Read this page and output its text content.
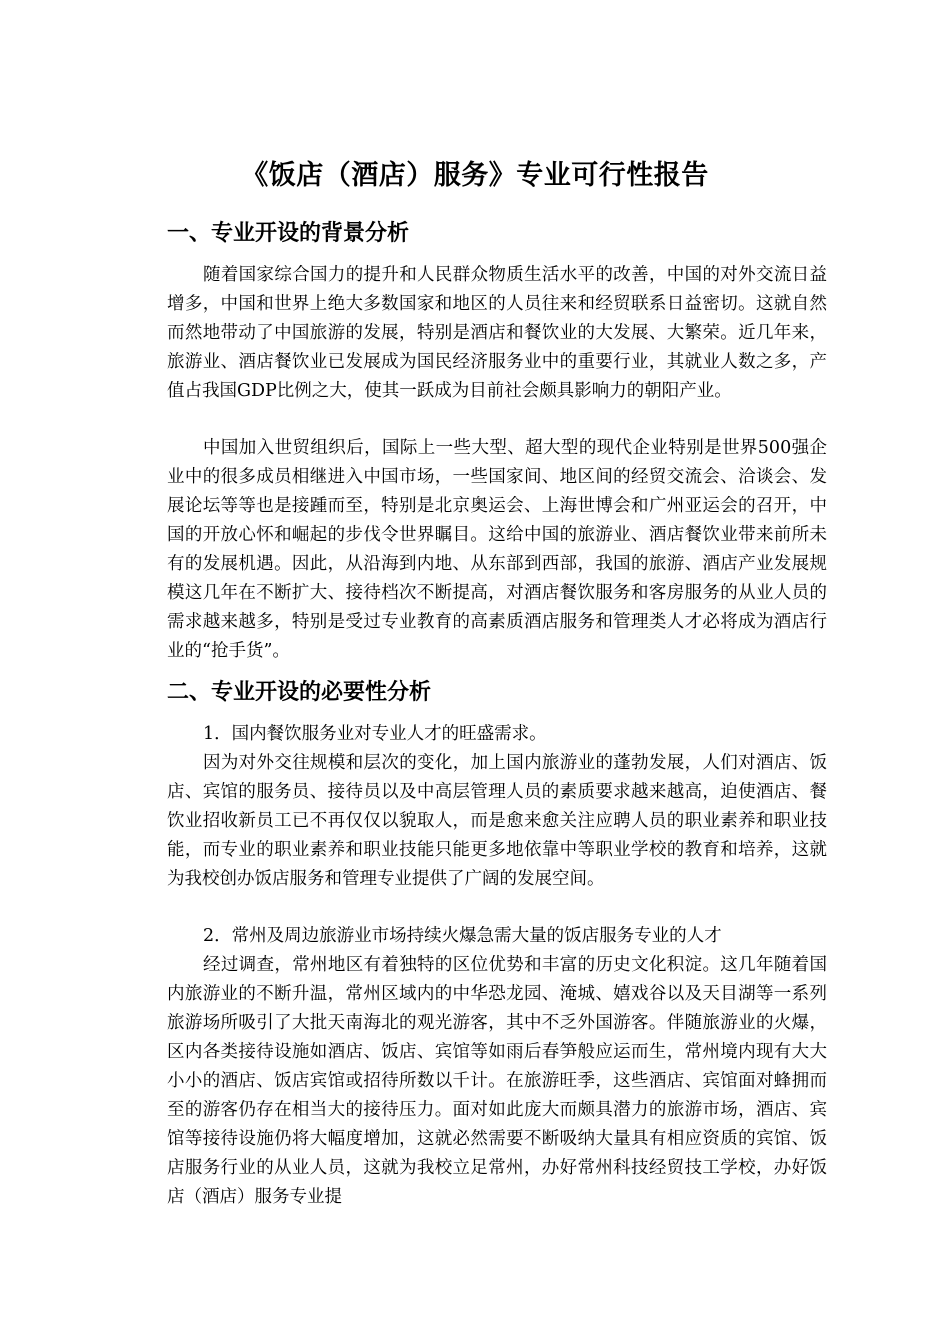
《饭店（酒店）服务》专业可行性报告
一、专业开设的背景分析

随着国家综合国力的提升和人民群众物质生活水平的改善，中国的对外交流日益增多，中国和世界上绝大多数国家和地区的人员往来和经贸联系日益密切。这就自然而然地带动了中国旅游的发展，特别是酒店和餐饮业的大发展、大繁荣。近几年来，旅游业、酒店餐饮业已发展成为国民经济服务业中的重要行业，其就业人数之多，产值占我国GDP比例之大，使其一跃成为目前社会颇具影响力的朝阳产业。

中国加入世贸组织后，国际上一些大型、超大型的现代企业特别是世界500强企业中的很多成员相继进入中国市场，一些国家间、地区间的经贸交流会、洽谈会、发展论坛等等也是接踵而至，特别是北京奥运会、上海世博会和广州亚运会的召开，中国的开放心怀和崛起的步伐令世界瞩目。这给中国的旅游业、酒店餐饮业带来前所未有的发展机遇。因此，从沿海到内地、从东部到西部，我国的旅游、酒店产业发展规模这几年在不断扩大、接待档次不断提高，对酒店餐饮服务和客房服务的从业人员的需求越来越多，特别是受过专业教育的高素质酒店服务和管理类人才必将成为酒店行业的“抢手货”。

二、专业开设的必要性分析

1．国内餐饮服务业对专业人才的旺盛需求。

因为对外交往规模和层次的变化，加上国内旅游业的蓬勃发展，人们对酒店、饭店、宾馆的服务员、接待员以及中高层管理人员的素质要求越来越高，迫使酒店、餐饮业招收新员工已不再仅仅以貌取人，而是愈来愈关注应聘人员的职业素养和职业技能，而专业的职业素养和职业技能只能更多地依靠中等职业学校的教育和培养，这就为我校创办饭店服务和管理专业提供了广阔的发展空间。

2．常州及周边旅游业市场持续火爆急需大量的饭店服务专业的人才

经过调查，常州地区有着独特的区位优势和丰富的历史文化积淀。这几年随着国内旅游业的不断升温，常州区域内的中华恐龙园、淹城、嬉戏谷以及天目湖等一系列旅游场所吸引了大批天南海北的观光游客，其中不乏外国游客。伴随旅游业的火爆，区内各类接待设施如酒店、饭店、宾馆等如雨后春笋般应运而生，常州境内现有大大小小的酒店、饭店宾馆或招待所数以千计。在旅游旺季，这些酒店、宾馆面对蜂拥而至的游客仍存在相当大的接待压力。面对如此庞大而颇具潜力的旅游市场，酒店、宾馆等接待设施仍将大幅度增加，这就必然需要不断吸纳大量具有相应资质的宾馆、饭店服务行业的从业人员，这就为我校立足常州，办好常州科技经贸技工学校，办好饭店（酒店）服务专业提
